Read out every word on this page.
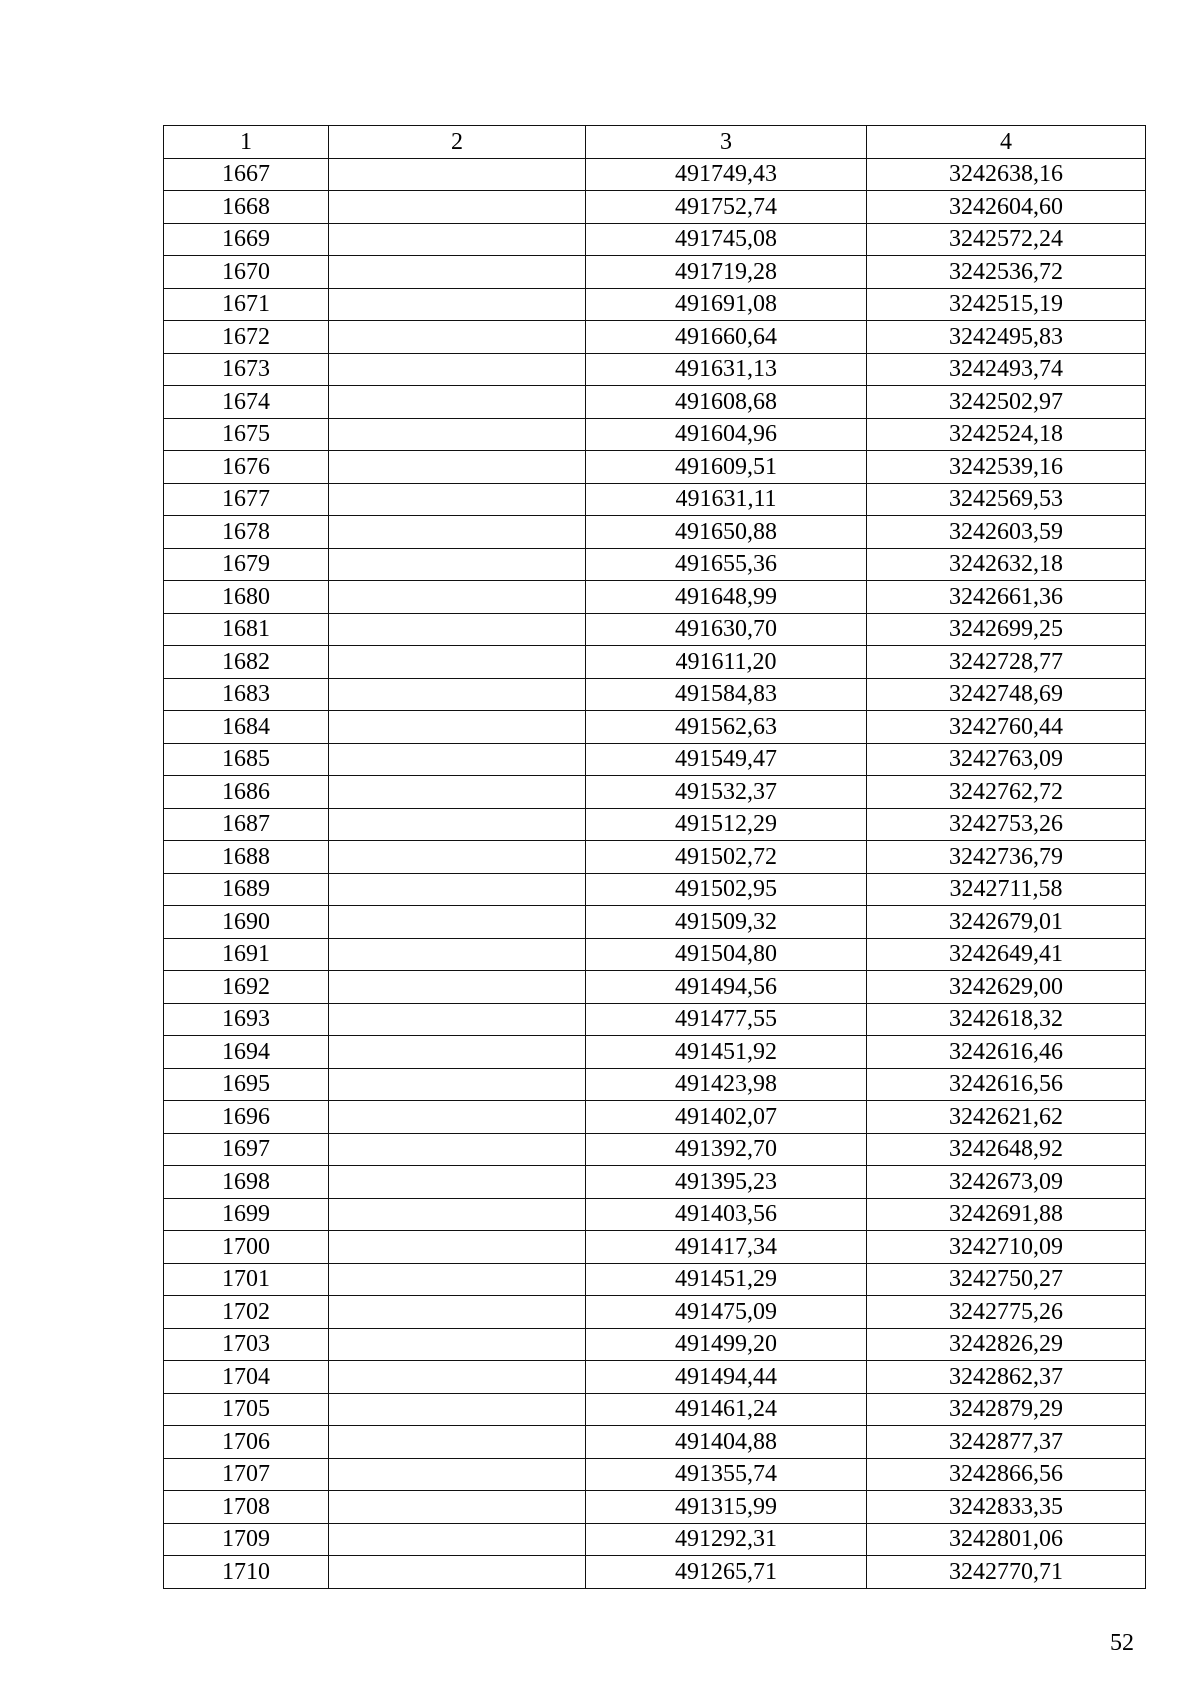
1	2	3	4
1667		491749,43	3242638,16
1668		491752,74	3242604,60
1669		491745,08	3242572,24
1670		491719,28	3242536,72
1671		491691,08	3242515,19
1672		491660,64	3242495,83
1673		491631,13	3242493,74
1674		491608,68	3242502,97
1675		491604,96	3242524,18
1676		491609,51	3242539,16
1677		491631,11	3242569,53
1678		491650,88	3242603,59
1679		491655,36	3242632,18
1680		491648,99	3242661,36
1681		491630,70	3242699,25
1682		491611,20	3242728,77
1683		491584,83	3242748,69
1684		491562,63	3242760,44
1685		491549,47	3242763,09
1686		491532,37	3242762,72
1687		491512,29	3242753,26
1688		491502,72	3242736,79
1689		491502,95	3242711,58
1690		491509,32	3242679,01
1691		491504,80	3242649,41
1692		491494,56	3242629,00
1693		491477,55	3242618,32
1694		491451,92	3242616,46
1695		491423,98	3242616,56
1696		491402,07	3242621,62
1697		491392,70	3242648,92
1698		491395,23	3242673,09
1699		491403,56	3242691,88
1700		491417,34	3242710,09
1701		491451,29	3242750,27
1702		491475,09	3242775,26
1703		491499,20	3242826,29
1704		491494,44	3242862,37
1705		491461,24	3242879,29
1706		491404,88	3242877,37
1707		491355,74	3242866,56
1708		491315,99	3242833,35
1709		491292,31	3242801,06
1710		491265,71	3242770,71
52
